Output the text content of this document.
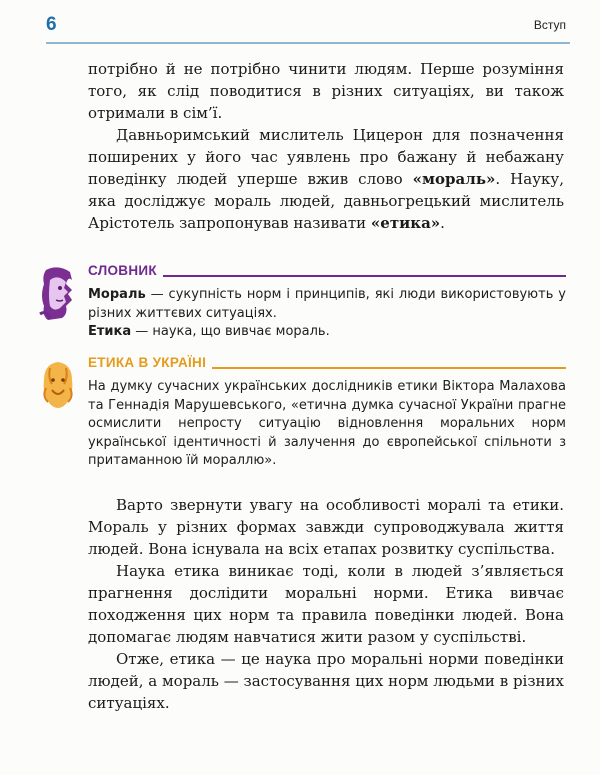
6	Вступ

потрібно й не потрібно чинити людям. Перше розуміння того, як слід поводитися в різних ситуаціях, ви також отримали в сім’ї.

Давньоримський мислитель Цицерон для позначення поширених у його час уявлень про бажану й небажану поведінку людей уперше вжив слово «мораль». Науку, яка досліджує мораль людей, давньогрецький мислитель Арістотель запропонував називати «етика».

СЛОВНИК

Мораль — сукупність норм і принципів, які люди використовують у різних життєвих ситуаціях.

Етика — наука, що вивчає мораль.

ЕТИКА В УКРАЇНІ

На думку сучасних українських дослідників етики Віктора Малахова та Геннадія Марушевського, «етична думка сучасної України прагне осмислити непросту ситуацію відновлення моральних норм української ідентичності й залучення до європейської спільноти з притаманною їй мораллю».

Варто звернути увагу на особливості моралі та етики. Мораль у різних формах завжди супроводжувала життя людей. Вона існувала на всіх етапах розвитку суспільства.

Наука етика виникає тоді, коли в людей з’являється прагнення дослідити моральні норми. Етика вивчає походження цих норм та правила поведінки людей. Вона допомагає людям навчатися жити разом у суспільстві.

Отже, етика — це наука про моральні норми поведінки людей, а мораль — застосування цих норм людьми в різних ситуаціях.
